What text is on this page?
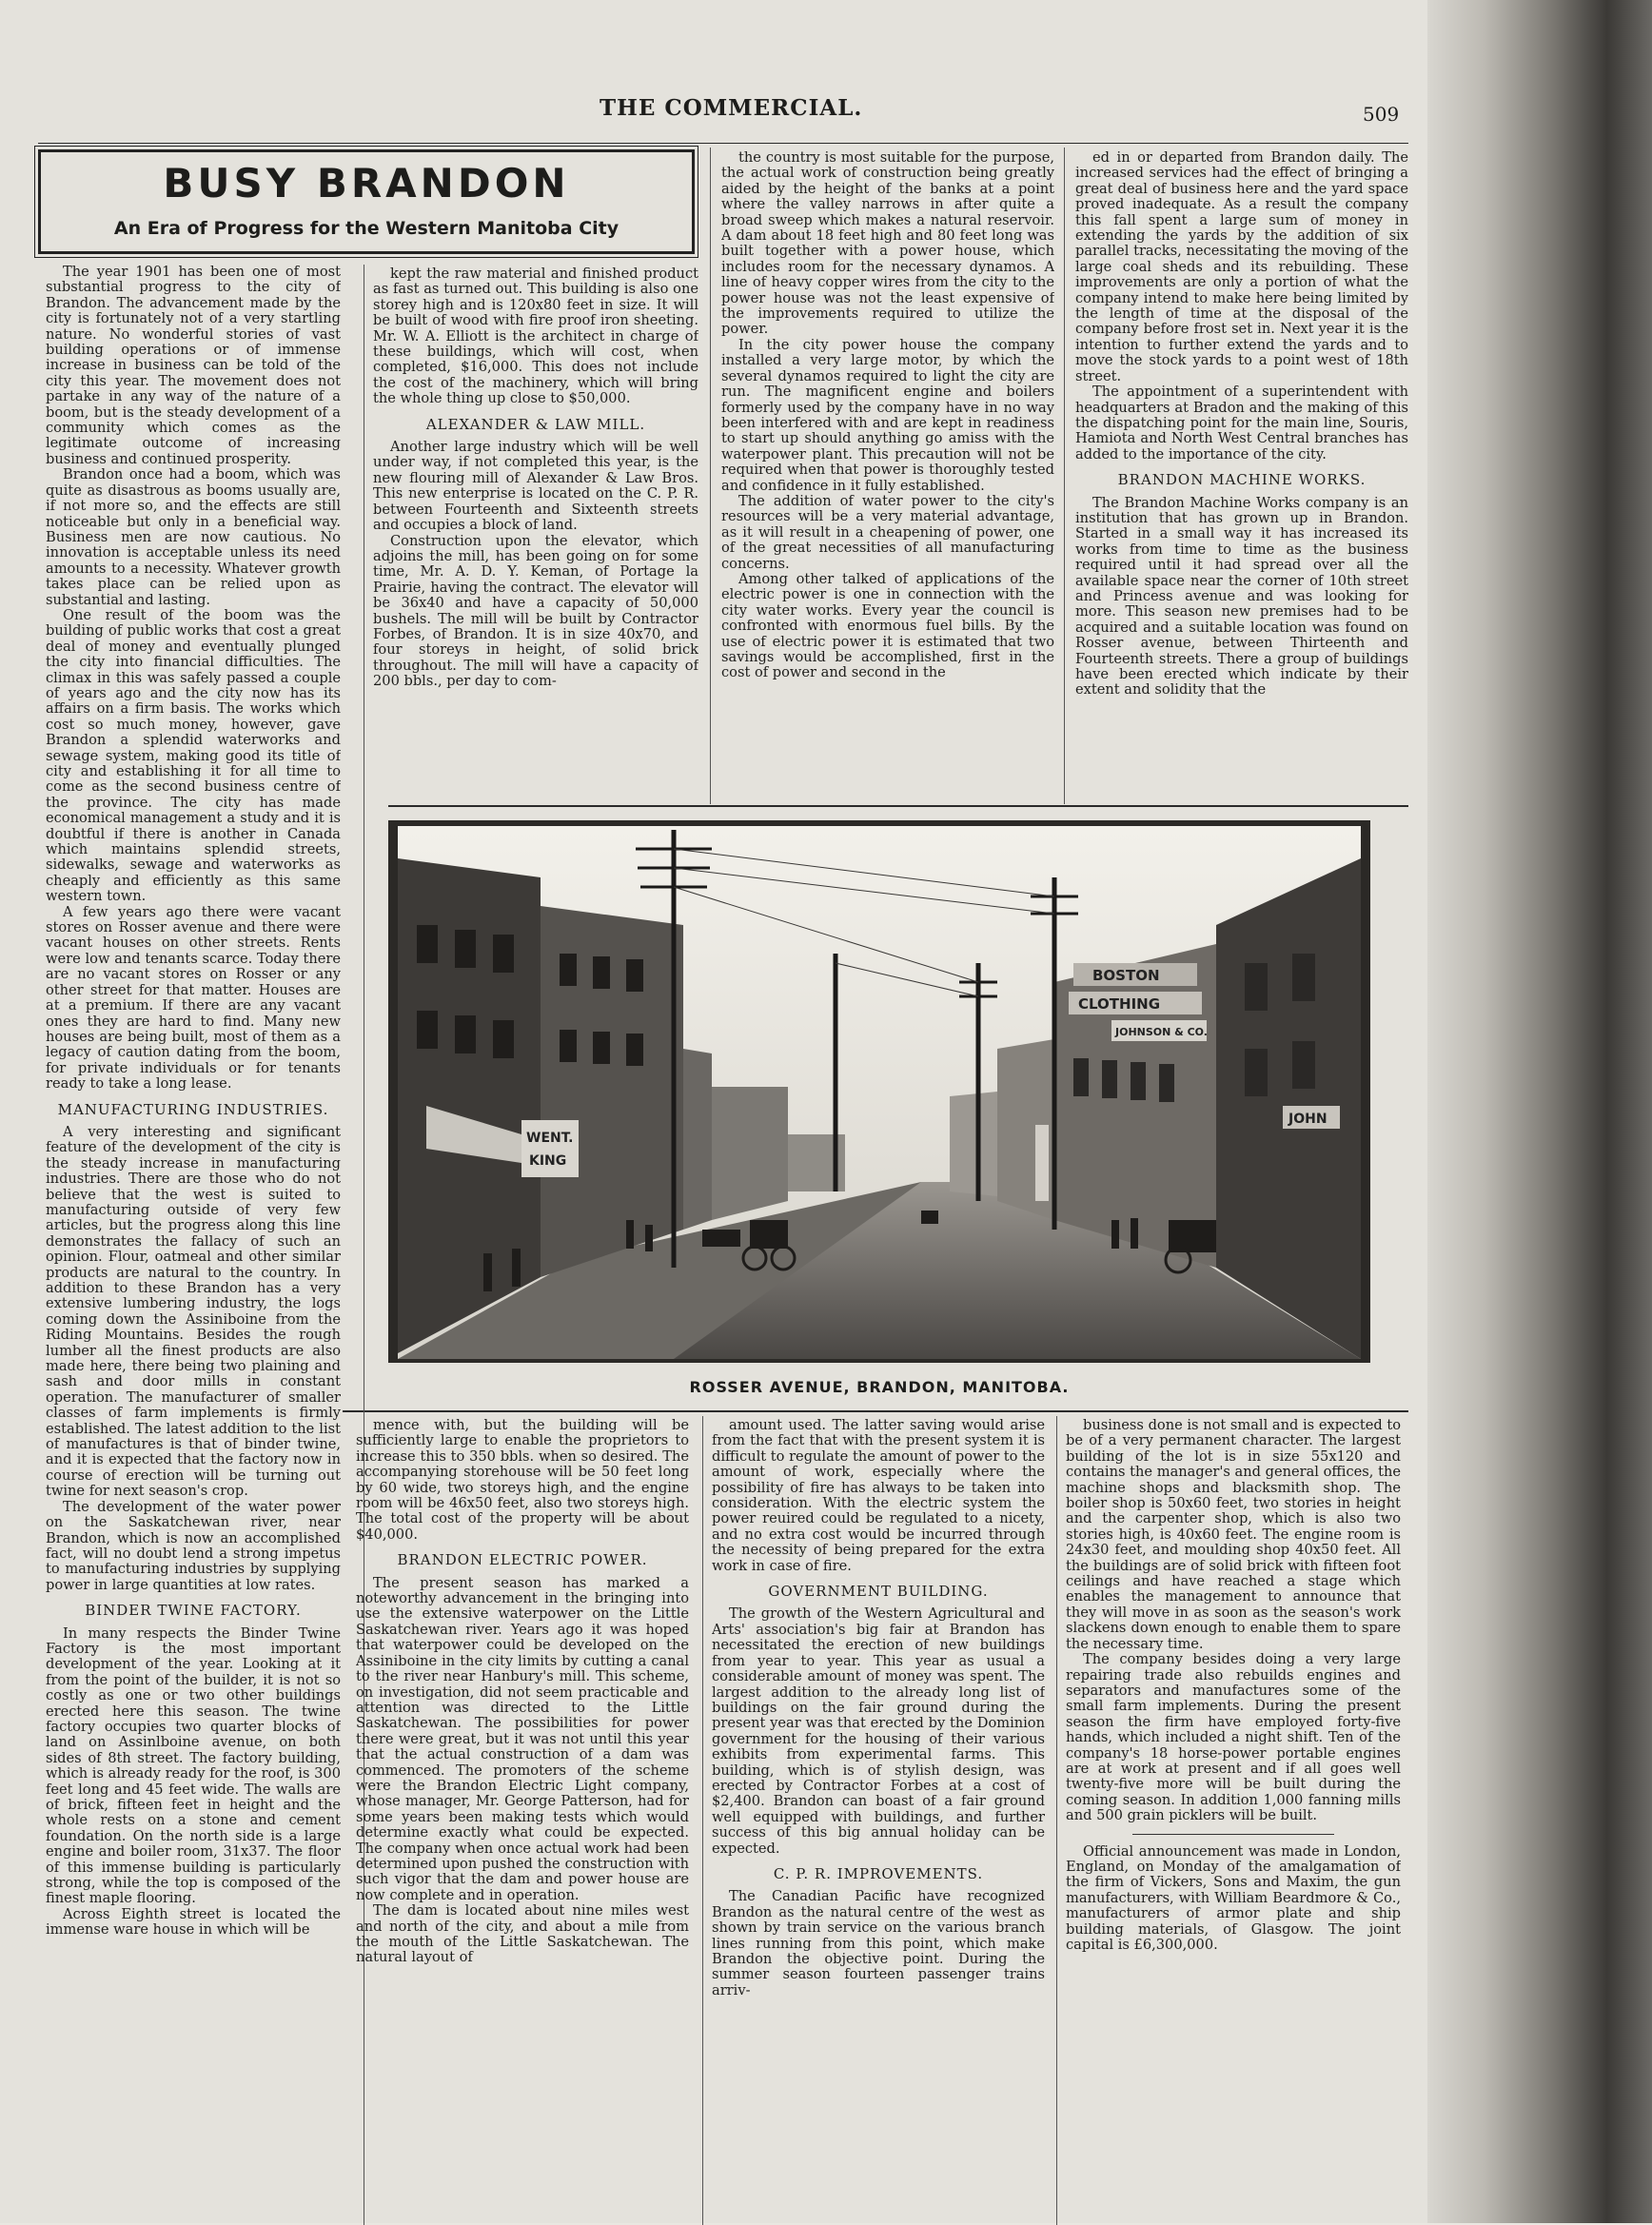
THE COMMERCIAL.	509
BUSY BRANDON
An Era of Progress for the Western Manitoba City

The year 1901 has been one of most substantial progress to the city of Brandon. The advancement made by the city is fortunately not of a very startling nature. No wonderful stories of vast building operations or of immense increase in business can be told of the city this year. The movement does not partake in any way of the nature of a boom, but is the steady development of a community which comes as the legitimate outcome of increasing business and continued prosperity.

Brandon once had a boom, which was quite as disastrous as booms usually are, if not more so, and the effects are still noticeable but only in a beneficial way. Business men are now cautious. No innovation is acceptable unless its need amounts to a necessity. Whatever growth takes place can be relied upon as substantial and lasting.

One result of the boom was the building of public works that cost a great deal of money and eventually plunged the city into financial difficulties. The climax in this was safely passed a couple of years ago and the city now has its affairs on a firm basis. The works which cost so much money, however, gave Brandon a splendid waterworks and sewage system, making good its title of city and establishing it for all time to come as the second business centre of the province. The city has made economical management a study and it is doubtful if there is another in Canada which maintains splendid streets, sidewalks, sewage and waterworks as cheaply and efficiently as this same western town.

A few years ago there were vacant stores on Rosser avenue and there were vacant houses on other streets. Rents were low and tenants scarce. Today there are no vacant stores on Rosser or any other street for that matter. Houses are at a premium. If there are any vacant ones they are hard to find. Many new houses are being built, most of them as a legacy of caution dating from the boom, for private individuals or for tenants ready to take a long lease.

MANUFACTURING INDUSTRIES.

A very interesting and significant feature of the development of the city is the steady increase in manufacturing industries. There are those who do not believe that the west is suited to manufacturing outside of very few articles, but the progress along this line demonstrates the fallacy of such an opinion. Flour, oatmeal and other similar products are natural to the country. In addition to these Brandon has a very extensive lumbering industry, the logs coming down the Assiniboine from the Riding Mountains. Besides the rough lumber all the finest products are also made here, there being two plaining and sash and door mills in constant operation. The manufacturer of smaller classes of farm implements is firmly established. The latest addition to the list of manufactures is that of binder twine, and it is expected that the factory now in course of erection will be turning out twine for next season's crop.

The development of the water power on the Saskatchewan river, near Brandon, which is now an accomplished fact, will no doubt lend a strong impetus to manufacturing industries by supplying power in large quantities at low rates.

BINDER TWINE FACTORY.

In many respects the Binder Twine Factory is the most important development of the year. Looking at it from the point of the builder, it is not so costly as one or two other buildings erected here this season. The twine factory occupies two quarter blocks of land on Assinlboine avenue, on both sides of 8th street. The factory building, which is already ready for the roof, is 300 feet long and 45 feet wide. The walls are of brick, fifteen feet in height and the whole rests on a stone and cement foundation. On the north side is a large engine and boiler room, 31x37. The floor of this immense building is particularly strong, while the top is composed of the finest maple flooring.

Across Eighth street is located the immense ware house in which will be

kept the raw material and finished product as fast as turned out. This building is also one storey high and is 120x80 feet in size. It will be built of wood with fire proof iron sheeting. Mr. W. A. Elliott is the architect in charge of these buildings, which will cost, when completed, $16,000. This does not include the cost of the machinery, which will bring the whole thing up close to $50,000.

ALEXANDER & LAW MILL.

Another large industry which will be well under way, if not completed this year, is the new flouring mill of Alexander & Law Bros. This new enterprise is located on the C. P. R. between Fourteenth and Sixteenth streets and occupies a block of land.

Construction upon the elevator, which adjoins the mill, has been going on for some time, Mr. A. D. Y. Keman, of Portage la Prairie, having the contract. The elevator will be 36x40 and have a capacity of 50,000 bushels. The mill will be built by Contractor Forbes, of Brandon. It is in size 40x70, and four storeys in height, of solid brick throughout. The mill will have a capacity of 200 bbls., per day to com-

the country is most suitable for the purpose, the actual work of construction being greatly aided by the height of the banks at a point where the valley narrows in after quite a broad sweep which makes a natural reservoir. A dam about 18 feet high and 80 feet long was built together with a power house, which includes room for the necessary dynamos. A line of heavy copper wires from the city to the power house was not the least expensive of the improvements required to utilize the power.

In the city power house the company installed a very large motor, by which the several dynamos required to light the city are run. The magnificent engine and boilers formerly used by the company have in no way been interfered with and are kept in readiness to start up should anything go amiss with the waterpower plant. This precaution will not be required when that power is thoroughly tested and confidence in it fully established.

The addition of water power to the city's resources will be a very material advantage, as it will result in a cheapening of power, one of the great necessities of all manufacturing concerns.

Among other talked of applications of the electric power is one in connection with the city water works. Every year the council is confronted with enormous fuel bills. By the use of electric power it is estimated that two savings would be accomplished, first in the cost of power and second in the

ed in or departed from Brandon daily. The increased services had the effect of bringing a great deal of business here and the yard space proved inadequate. As a result the company this fall spent a large sum of money in extending the yards by the addition of six parallel tracks, necessitating the moving of the large coal sheds and its rebuilding. These improvements are only a portion of what the company intend to make here being limited by the length of time at the disposal of the company before frost set in. Next year it is the intention to further extend the yards and to move the stock yards to a point west of 18th street.

The appointment of a superintendent with headquarters at Bradon and the making of this the dispatching point for the main line, Souris, Hamiota and North West Central branches has added to the importance of the city.

BRANDON MACHINE WORKS.

The Brandon Machine Works company is an institution that has grown up in Brandon. Started in a small way it has increased its works from time to time as the business required until it had spread over all the available space near the corner of 10th street and Princess avenue and was looking for more. This season new premises had to be acquired and a suitable location was found on Rosser avenue, between Thirteenth and Fourteenth streets. There a group of buildings have been erected which indicate by their extent and solidity that the

WENT.
KING
BOSTON
CLOTHING
JOHNSON & CO.
JOHN
ROSSER AVENUE, BRANDON, MANITOBA.

mence with, but the building will be sufficiently large to enable the proprietors to increase this to 350 bbls. when so desired. The accompanying storehouse will be 50 feet long by 60 wide, two storeys high, and the engine room will be 46x50 feet, also two storeys high. The total cost of the property will be about $40,000.

BRANDON ELECTRIC POWER.

The present season has marked a noteworthy advancement in the bringing into use the extensive waterpower on the Little Saskatchewan river. Years ago it was hoped that waterpower could be developed on the Assiniboine in the city limits by cutting a canal to the river near Hanbury's mill. This scheme, on investigation, did not seem practicable and attention was directed to the Little Saskatchewan. The possibilities for power there were great, but it was not until this year that the actual construction of a dam was commenced. The promoters of the scheme were the Brandon Electric Light company, whose manager, Mr. George Patterson, had for some years been making tests which would determine exactly what could be expected. The company when once actual work had been determined upon pushed the construction with such vigor that the dam and power house are now complete and in operation.

The dam is located about nine miles west and north of the city, and about a mile from the mouth of the Little Saskatchewan. The natural layout of

amount used. The latter saving would arise from the fact that with the present system it is difficult to regulate the amount of power to the amount of work, especially where the possibility of fire has always to be taken into consideration. With the electric system the power reuired could be regulated to a nicety, and no extra cost would be incurred through the necessity of being prepared for the extra work in case of fire.

GOVERNMENT BUILDING.

The growth of the Western Agricultural and Arts' association's big fair at Brandon has necessitated the erection of new buildings from year to year. This year as usual a considerable amount of money was spent. The largest addition to the already long list of buildings on the fair ground during the present year was that erected by the Dominion government for the housing of their various exhibits from experimental farms. This building, which is of stylish design, was erected by Contractor Forbes at a cost of $2,400. Brandon can boast of a fair ground well equipped with buildings, and further success of this big annual holiday can be expected.

C. P. R. IMPROVEMENTS.

The Canadian Pacific have recognized Brandon as the natural centre of the west as shown by train service on the various branch lines running from this point, which make Brandon the objective point. During the summer season fourteen passenger trains arriv-

business done is not small and is expected to be of a very permanent character. The largest building of the lot is in size 55x120 and contains the manager's and general offices, the machine shops and blacksmith shop. The boiler shop is 50x60 feet, two stories in height and the carpenter shop, which is also two stories high, is 40x60 feet. The engine room is 24x30 feet, and moulding shop 40x50 feet. All the buildings are of solid brick with fifteen foot ceilings and have reached a stage which enables the management to announce that they will move in as soon as the season's work slackens down enough to enable them to spare the necessary time.

The company besides doing a very large repairing trade also rebuilds engines and separators and manufactures some of the small farm implements. During the present season the firm have employed forty-five hands, which included a night shift. Ten of the company's 18 horse-power portable engines are at work at present and if all goes well twenty-five more will be built during the coming season. In addition 1,000 fanning mills and 500 grain picklers will be built.

Official announcement was made in London, England, on Monday of the amalgamation of the firm of Vickers, Sons and Maxim, the gun manufacturers, with William Beardmore & Co., manufacturers of armor plate and ship building materials, of Glasgow. The joint capital is £6,300,000.
